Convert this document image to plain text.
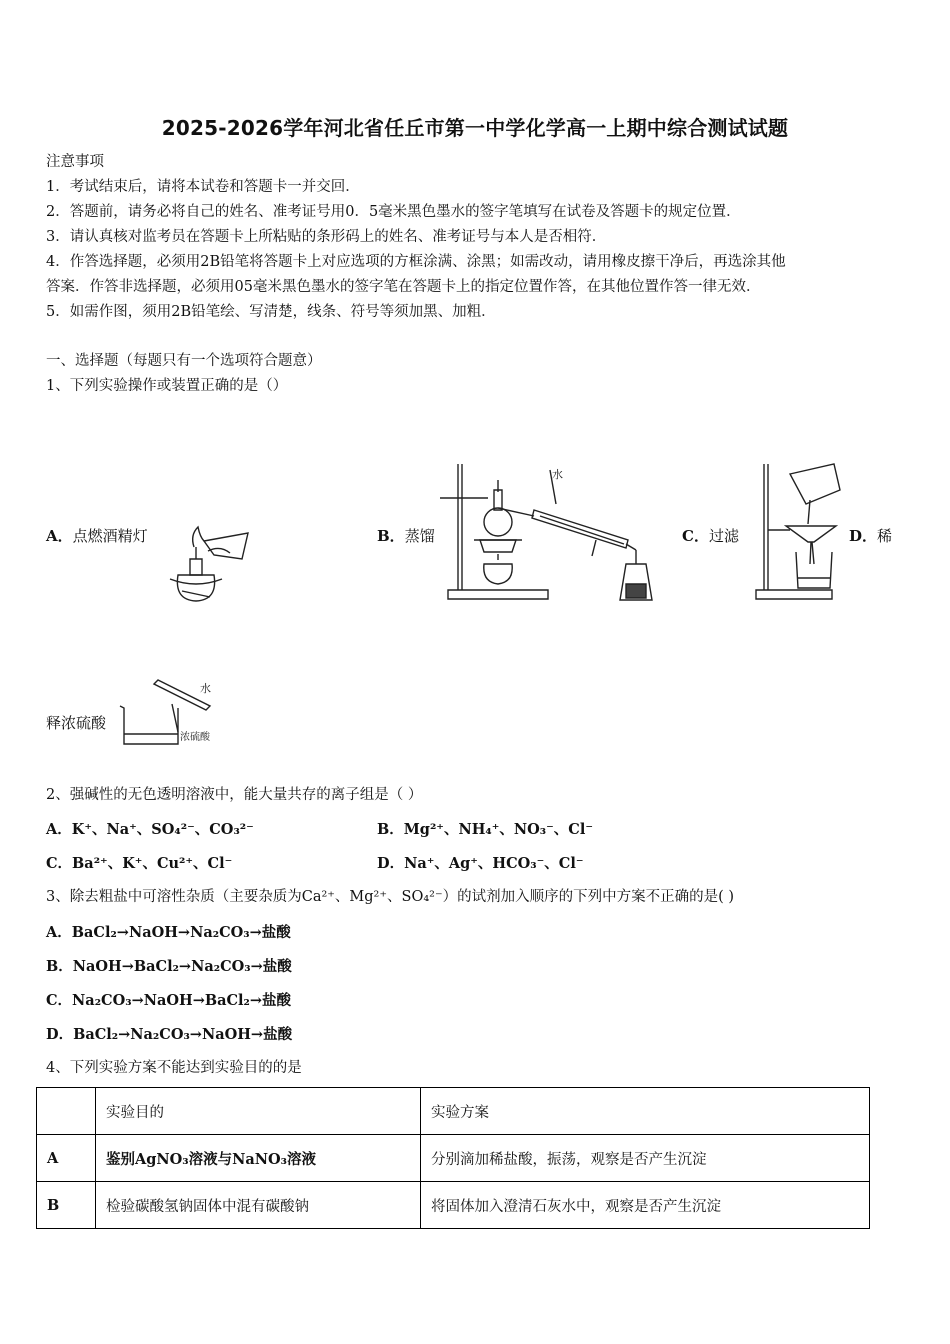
2025-2026学年河北省任丘市第一中学化学高一上期中综合测试试题
注意事项
1．考试结束后，请将本试卷和答题卡一并交回．
2．答题前，请务必将自己的姓名、准考证号用0．5毫米黑色墨水的签字笔填写在试卷及答题卡的规定位置．
3．请认真核对监考员在答题卡上所粘贴的条形码上的姓名、准考证号与本人是否相符．
4．作答选择题，必须用2B铅笔将答题卡上对应选项的方框涂满、涂黑；如需改动，请用橡皮擦干净后，再选涂其他
答案．作答非选择题，必须用05毫米黑色墨水的签字笔在答题卡上的指定位置作答，在其他位置作答一律无效．
5．如需作图，须用2B铅笔绘、写清楚，线条、符号等须加黑、加粗．
一、选择题（每题只有一个选项符合题意）
1、下列实验操作或装置正确的是（）
A．点燃酒精灯	B．蒸馏	C．过滤	D．稀
释浓硫酸
水
水
浓硫酸
2、强碱性的无色透明溶液中，能大量共存的离子组是（ ）
A．K⁺、Na⁺、SO₄²⁻、CO₃²⁻	B．Mg²⁺、NH₄⁺、NO₃⁻、Cl⁻
C．Ba²⁺、K⁺、Cu²⁺、Cl⁻	D．Na⁺、Ag⁺、HCO₃⁻、Cl⁻
3、除去粗盐中可溶性杂质（主要杂质为Ca²⁺、Mg²⁺、SO₄²⁻）的试剂加入顺序的下列中方案不正确的是( )
A．BaCl₂→NaOH→Na₂CO₃→盐酸
B．NaOH→BaCl₂→Na₂CO₃→盐酸
C．Na₂CO₃→NaOH→BaCl₂→盐酸
D．BaCl₂→Na₂CO₃→NaOH→盐酸
4、下列实验方案不能达到实验目的的是
	实验目的	实验方案
A	鉴别AgNO₃溶液与NaNO₃溶液	分别滴加稀盐酸，振荡，观察是否产生沉淀
B	检验碳酸氢钠固体中混有碳酸钠	将固体加入澄清石灰水中，观察是否产生沉淀
